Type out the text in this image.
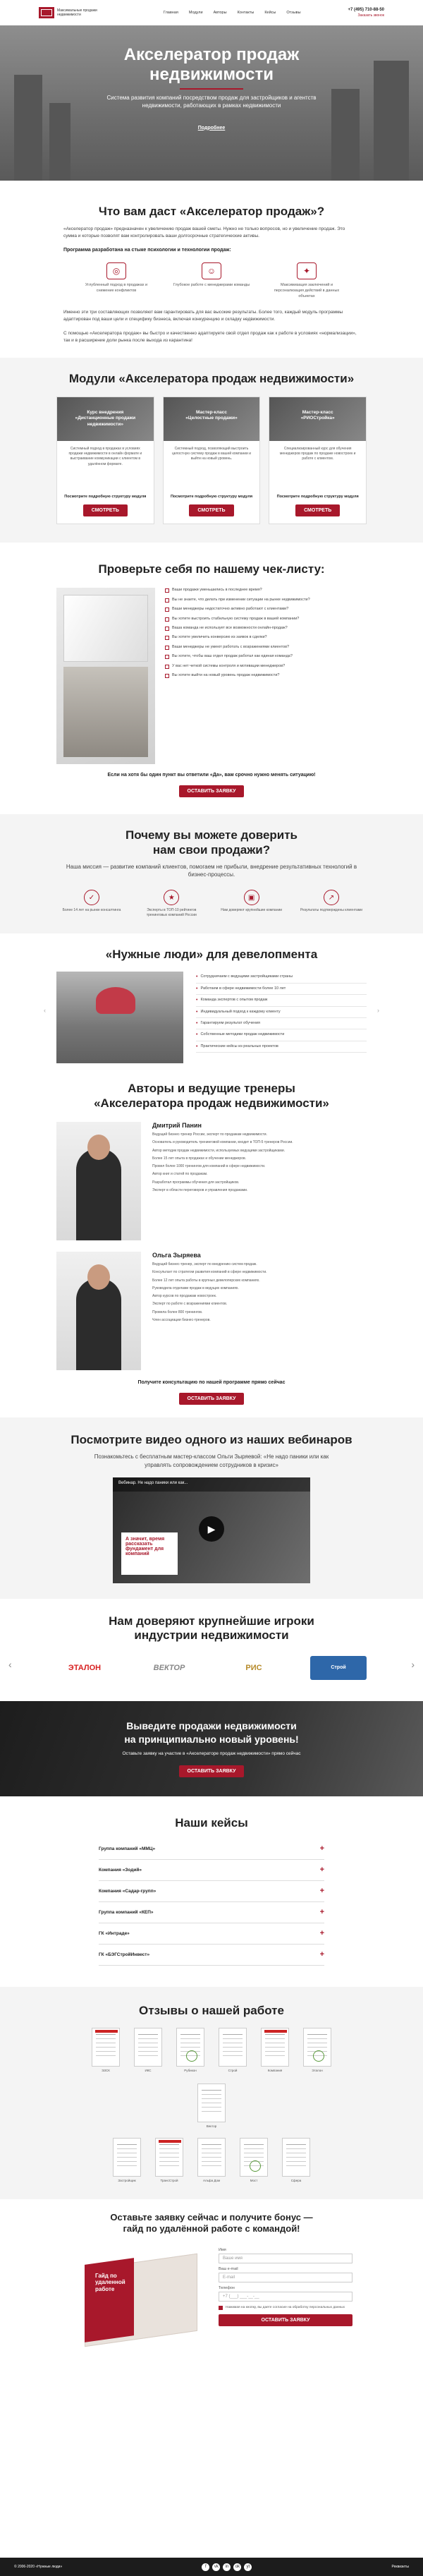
Максимальные продажи недвижимости	Главная	Модули	Авторы	Контакты	Кейсы	Отзывы
+7 (495) 710-88-50
Заказать звонок
Акселератор продаж
недвижимости

Система развития компаний посредством продаж для застройщиков и агентств недвижимости, работающих в рамках недвижимости

Подробнее
Что вам даст «Акселератор продаж»?

«Акселератор продаж» предназначен к увеличению продаж вашей сметы. Нужно не только вопросов, но и увеличение продаж. Это сумма и которые позволят вам контролировать ваши долгосрочные стратегические активы.

Программа разработана на стыке психологии и технологии продаж:

◎
Углубленный подход в продажах и снижение конфликтов
☺
Глубокое работе с менеджерами команды
✦
Максимизация заключений и персонализация действий в данных объектах

Именно эти три составляющих позволяют вам гарантировать для вас высокие результаты. Более того, каждый модуль программы адаптирован под ваши цели и специфику бизнеса, включая конкуренцию и складку недвижимости.

С помощью «Акселератора продаж» вы быстро и качественно адаптируете свой отдел продаж как к работе в условиях «нормализации», так и в расширение доли рынка после выхода из карантина!

Модули «Акселератора продаж недвижимости»
Курс внедрения
«Дистанционные продажи недвижимости»
Системный подход в продажах в условиях продажи недвижимости в онлайн формате и выстраивание коммуникации с клиентом в удалённом формате.
Посмотрите подробную структуру модуля
СМОТРЕТЬ
Мастер-класс
«Целостные продажи»
Системный подход, позволяющий выстроить целостную систему продаж в вашей компании и выйти на новый уровень.
Посмотрите подробную структуру модуля
СМОТРЕТЬ
Мастер-класс
«РИОСтройка»
Специализированный курс для обучения менеджеров продаж по продаже новостроек и работе с клиентом.
Посмотрите подробную структуру модуля
СМОТРЕТЬ
Проверьте себя по нашему чек-листу:
Ваши продажи уменьшились в последнее время?
Вы не знаете, что делать при изменении ситуации на рынке недвижимости?
Ваши менеджеры недостаточно активно работают с клиентами?
Вы хотите выстроить стабильную систему продаж в вашей компании?
Ваша команда не использует все возможности онлайн-продаж?
Вы хотите увеличить конверсию из заявок в сделки?
Ваши менеджеры не умеют работать с возражениями клиентов?
Вы хотите, чтобы ваш отдел продаж работал как единая команда?
У вас нет четкой системы контроля и мотивации менеджеров?
Вы хотите выйти на новый уровень продаж недвижимости?
Если на хотя бы один пункт вы ответили «Да», вам срочно нужно менять ситуацию!
ОСТАВИТЬ ЗАЯВКУ
Почему вы можете доверить
нам свои продажи?
Наша миссия — развитие компаний клиентов, помогаем не прибыли, внедрение результативных технологий в бизнес-процессы.
✓
Более 14 лет на рынке консалтинга
★
Эксперты в ТОП-10 рейтингов тренинговых компаний России
▣
Нам доверяют крупнейшие компании
↗
Результаты подтверждены клиентами
«Нужные люди» для девелопмента
• Сотрудничаем с ведущими застройщиками страны
• Работаем в сфере недвижимости более 10 лет
• Команда экспертов с опытом продаж
• Индивидуальный подход к каждому клиенту
• Гарантируем результат обучения
• Собственные методики продаж недвижимости
• Практические кейсы из реальных проектов
‹	›
Авторы и ведущие тренеры
«Акселератора продаж недвижимости»
Дмитрий Панин
Ведущий бизнес-тренер России, эксперт по продажам недвижимости.
Основатель и руководитель тренинговой компании, входит в ТОП-5 тренеров России.
Автор методик продаж недвижимости, используемых ведущими застройщиками.
Более 15 лет опыта в продажах и обучении менеджеров.
Провел более 1000 тренингов для компаний в сфере недвижимости.
Автор книг и статей по продажам.
Разработал программы обучения для застройщиков.
Эксперт в области переговоров и управления продажами.
Ольга Зыряева
Ведущий бизнес-тренер, эксперт по внедрению систем продаж.
Консультант по стратегии развития компаний в сфере недвижимости.
Более 12 лет опыта работы в крупных девелоперских компаниях.
Руководила отделами продаж в ведущих компаниях.
Автор курсов по продажам новостроек.
Эксперт по работе с возражениями клиентов.
Провела более 800 тренингов.
Член ассоциации бизнес-тренеров.
Получите консультацию по нашей программе прямо сейчас
ОСТАВИТЬ ЗАЯВКУ
Посмотрите видео одного из наших вебинаров
Познакомьтесь с бесплатным мастер-классом Ольги Зыряевой: «Не надо паники или как управлять сопровождением сотрудников в кризис»
Вебинар. Не надо паники или как...
А значит, время рассказать фундамент для компаний
▶
Нам доверяют крупнейшие игроки
индустрии недвижимости
ЭТАЛОН	ВЕКТОР	РИС	Строй
‹	›
Выведите продажи недвижимости
на принципиально новый уровень!

Оставьте заявку на участие в «Акселераторе продаж недвижимости» прямо сейчас

ОСТАВИТЬ ЗАЯВКУ
Наши кейсы
Группа компаний «ММЦ»	+
Компания «Зодий»	+
Компания «Садар-групп»	+
Группа компаний «КЕП»	+
ГК «Интраде»	+
ГК «БЭГСтройИнвест»	+
Отзывы о нашей работе
ЭЗСК	ИКС	Рубикон	Строй	Компания	Эталон
Вектор
Застройщик	ТрансСтрой	Альфа Дом	Мост	Сфера
Оставьте заявку сейчас и получите бонус —
гайд по удалённой работе с командой!
Гайд по удаленной работе
Имя
Ваше имя
Ваш e-mail
E-mail
Телефон
+7 (___) ___-__-__
Нажимая на кнопку, вы даете согласие на обработку персональных данных
ОСТАВИТЬ ЗАЯВКУ
© 2006-2020 «Нужные люди»	f	vk	in	ok	yt	Реквизиты
